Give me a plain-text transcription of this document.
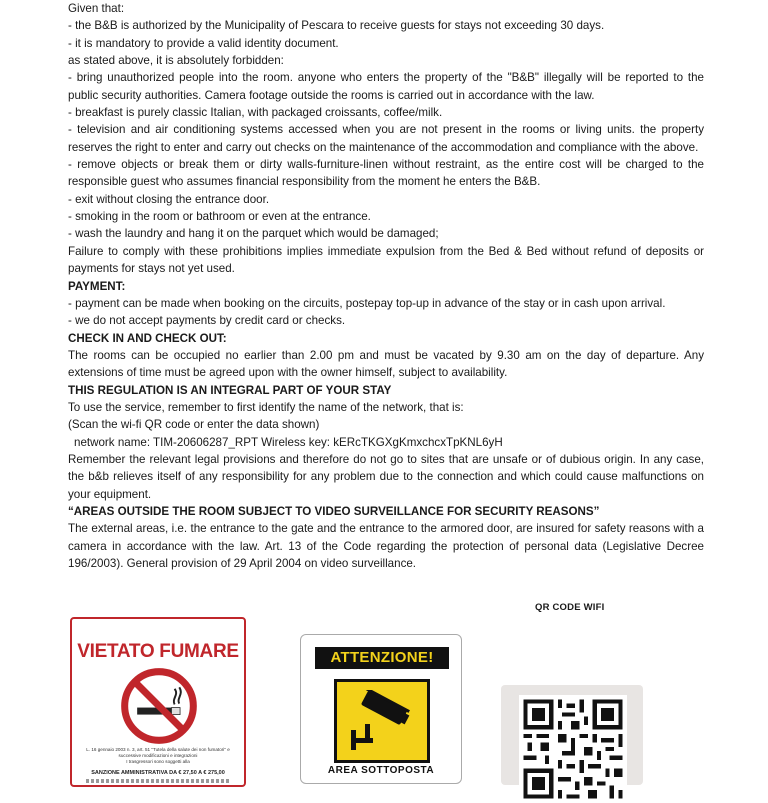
Given that:

- the B&B is authorized by the Municipality of Pescara to receive guests for stays not exceeding 30 days.

- it is mandatory to provide a valid identity document.

as stated above, it is absolutely forbidden:

- bring unauthorized people into the room. anyone who enters the property of the "B&B" illegally will be reported to the public security authorities. Camera footage outside the rooms is carried out in accordance with the law.

- breakfast is purely classic Italian, with packaged croissants, coffee/milk.

- television and air conditioning systems accessed when you are not present in the rooms or living units. the property reserves the right to enter and carry out checks on the maintenance of the accommodation and compliance with the above.

- remove objects or break them or dirty walls-furniture-linen without restraint, as the entire cost will be charged to the responsible guest who assumes financial responsibility from the moment he enters the B&B.

- exit without closing the entrance door.

- smoking in the room or bathroom or even at the entrance.

- wash the laundry and hang it on the parquet which would be damaged;

Failure to comply with these prohibitions implies immediate expulsion from the Bed & Bed without refund of deposits or payments for stays not yet used.

PAYMENT:

- payment can be made when booking on the circuits, postepay top-up in advance of the stay or in cash upon arrival.

- we do not accept payments by credit card or checks.

CHECK IN AND CHECK OUT:

The rooms can be occupied no earlier than 2.00 pm and must be vacated by 9.30 am on the day of departure. Any extensions of time must be agreed upon with the owner himself, subject to availability.

THIS REGULATION IS AN INTEGRAL PART OF YOUR STAY

To use the service, remember to first identify the name of the network, that is:

(Scan the wi-fi QR code or enter the data shown)

network name: TIM-20606287_RPT Wireless key: kERcTKGXgKmxchcxTpKNL6yH

Remember the relevant legal provisions and therefore do not go to sites that are unsafe or of dubious origin. In any case, the b&b relieves itself of any responsibility for any problem due to the connection and which could cause malfunctions on your equipment.

“AREAS OUTSIDE THE ROOM SUBJECT TO VIDEO SURVEILLANCE FOR SECURITY REASONS”

The external areas, i.e. the entrance to the gate and the entrance to the armored door, are insured for safety reasons with a camera in accordance with the law. Art. 13 of the Code regarding the protection of personal data (Legislative Decree 196/2003). General provision of 29 April 2004 on video surveillance.

QR CODE WIFI
VIETATO FUMARE
L. 16 gennaio 2003 n. 3, art. 51 "Tutela della salute dei non fumatori" e successive modificazioni e integrazioni
I trasgressori sono soggetti alla
SANZIONE AMMINISTRATIVA DA € 27,50 A € 275,00
ATTENZIONE!
AREA SOTTOPOSTA
